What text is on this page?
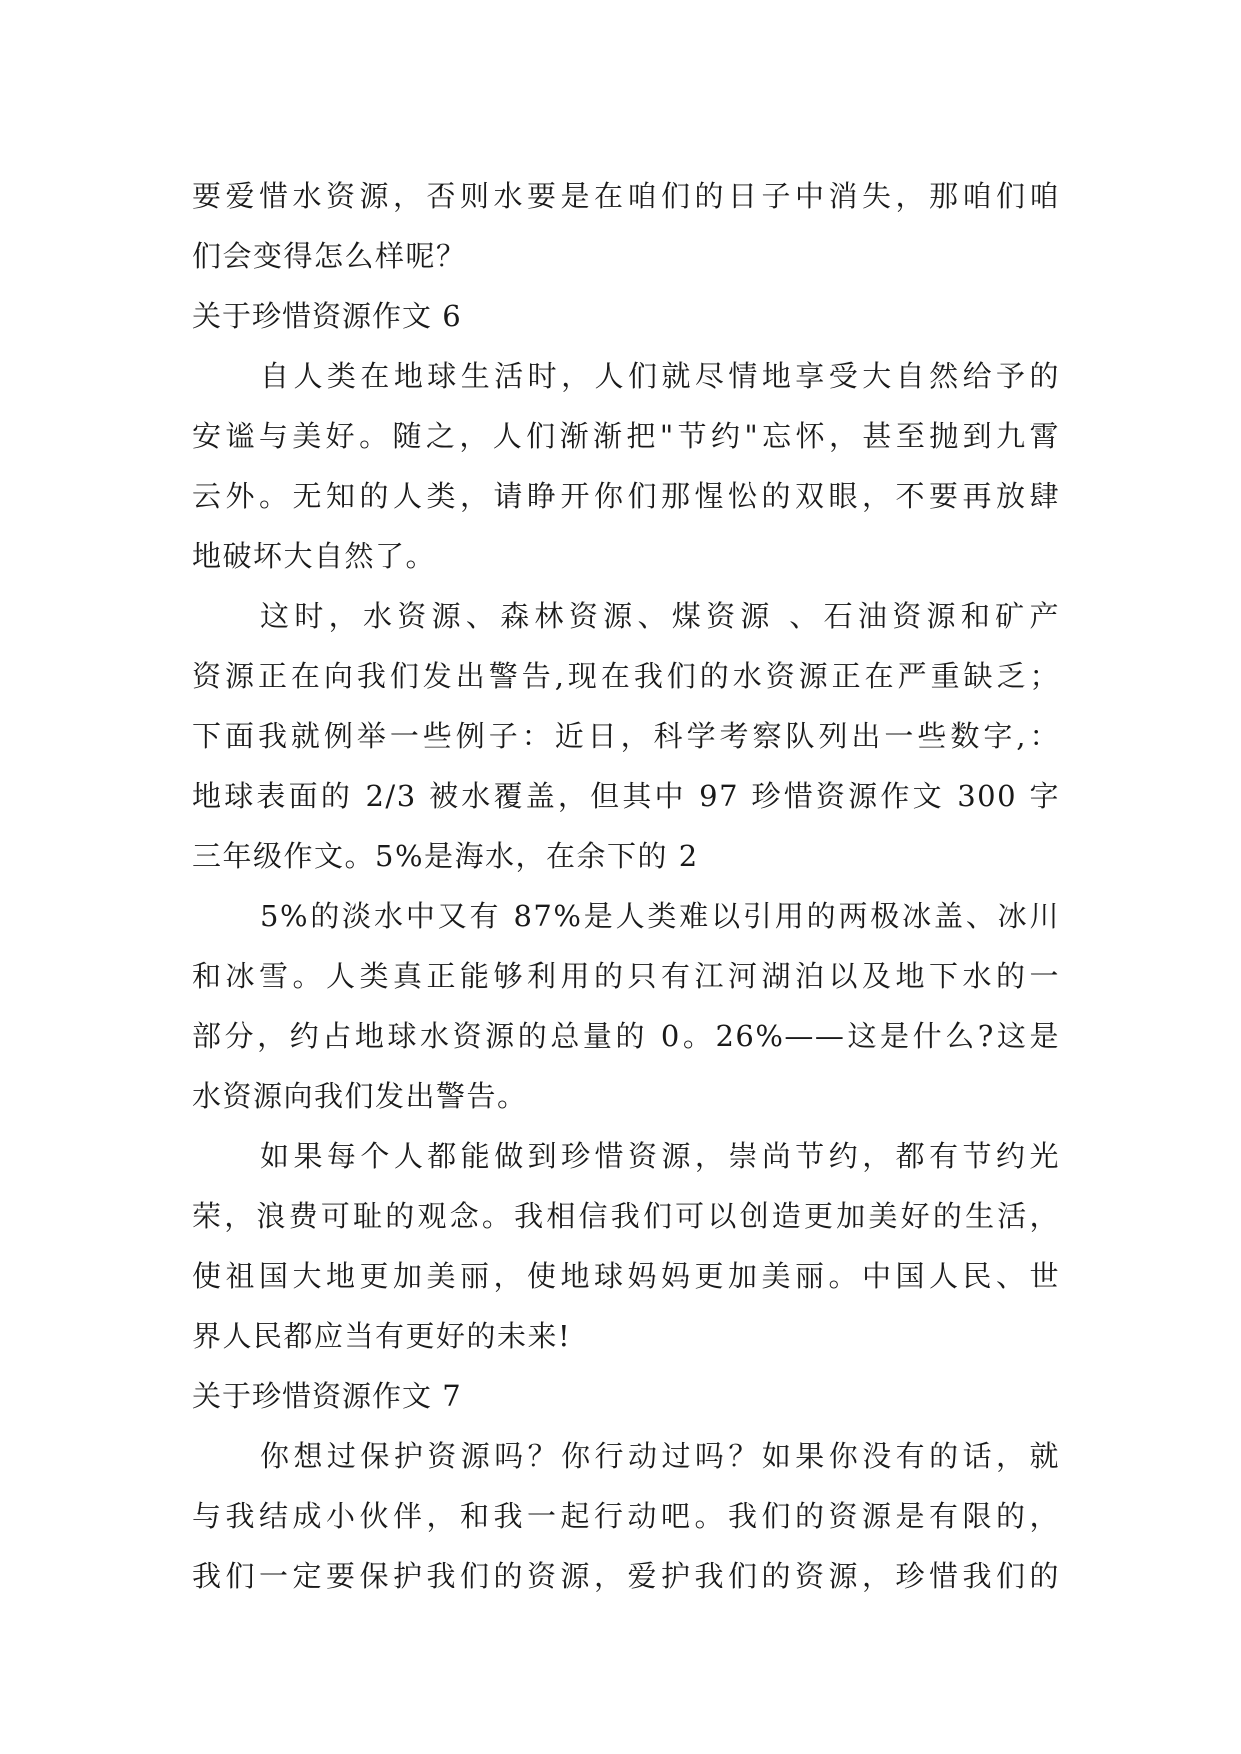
要爱惜水资源，否则水要是在咱们的日子中消失，那咱们咱
们会变得怎么样呢？
关于珍惜资源作文 6
自人类在地球生活时，人们就尽情地享受大自然给予的
安谧与美好。随之，人们渐渐把"节约"忘怀，甚至抛到九霄
云外。无知的人类，请睁开你们那惺忪的双眼，不要再放肆
地破坏大自然了。
这时，水资源、森林资源、煤资源 、石油资源和矿产
资源正在向我们发出警告,现在我们的水资源正在严重缺乏；
下面我就例举一些例子：近日，科学考察队列出一些数字,：
地球表面的 2/3 被水覆盖，但其中 97 珍惜资源作文 300 字
三年级作文。5%是海水，在余下的 2
5%的淡水中又有 87%是人类难以引用的两极冰盖、冰川
和冰雪。人类真正能够利用的只有江河湖泊以及地下水的一
部分，约占地球水资源的总量的 0。26%——这是什么?这是
水资源向我们发出警告。
如果每个人都能做到珍惜资源，崇尚节约，都有节约光
荣，浪费可耻的观念。我相信我们可以创造更加美好的生活，
使祖国大地更加美丽，使地球妈妈更加美丽。中国人民、世
界人民都应当有更好的未来!
关于珍惜资源作文 7
你想过保护资源吗？你行动过吗？如果你没有的话，就
与我结成小伙伴，和我一起行动吧。我们的资源是有限的，
我们一定要保护我们的资源，爱护我们的资源，珍惜我们的
